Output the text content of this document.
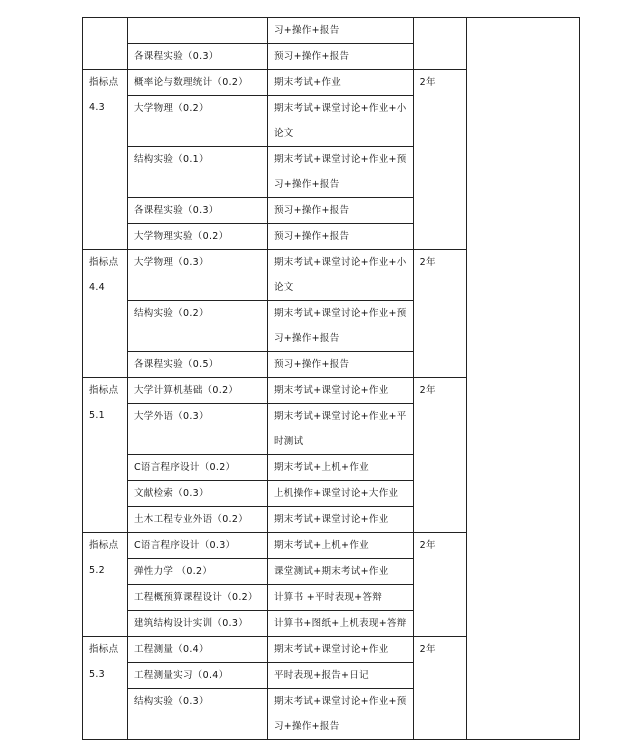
		习+操作+报告		

	各课程实验（0.3）	预习+操作+报告		

指标点
4.3	概率论与数理统计（0.2）	期末考试+作业	2年	
	大学物理（0.2）	期末考试+课堂讨论+作业+小
论文		

	结构实验（0.1）	期末考试+课堂讨论+作业+预
习+操作+报告		

	各课程实验（0.3）	预习+操作+报告		

	大学物理实验（0.2）	预习+操作+报告		

指标点
4.4	大学物理（0.3）	期末考试+课堂讨论+作业+小
论文	2年	
	结构实验（0.2）	期末考试+课堂讨论+作业+预
习+操作+报告		

	各课程实验（0.5）	预习+操作+报告		

指标点
5.1	大学计算机基础（0.2）	期末考试+课堂讨论+作业	2年	
	大学外语（0.3）	期末考试+课堂讨论+作业+平
时测试		

	C语言程序设计（0.2）	期末考试+上机+作业		

	文献检索（0.3）	上机操作+课堂讨论+大作业		

	土木工程专业外语（0.2）	期末考试+课堂讨论+作业		

指标点
5.2	C语言程序设计（0.3）	期末考试+上机+作业	2年	
	弹性力学 （0.2）	课堂测试+期末考试+作业		

	工程概预算课程设计（0.2）	计算书 +平时表现+答辩		

	建筑结构设计实训（0.3）	计算书+图纸+上机表现+答辩		

指标点
5.3	工程测量（0.4）	期末考试+课堂讨论+作业	2年	
	工程测量实习（0.4）	平时表现+报告+日记		

	结构实验（0.3）	期末考试+课堂讨论+作业+预
习+操作+报告		
